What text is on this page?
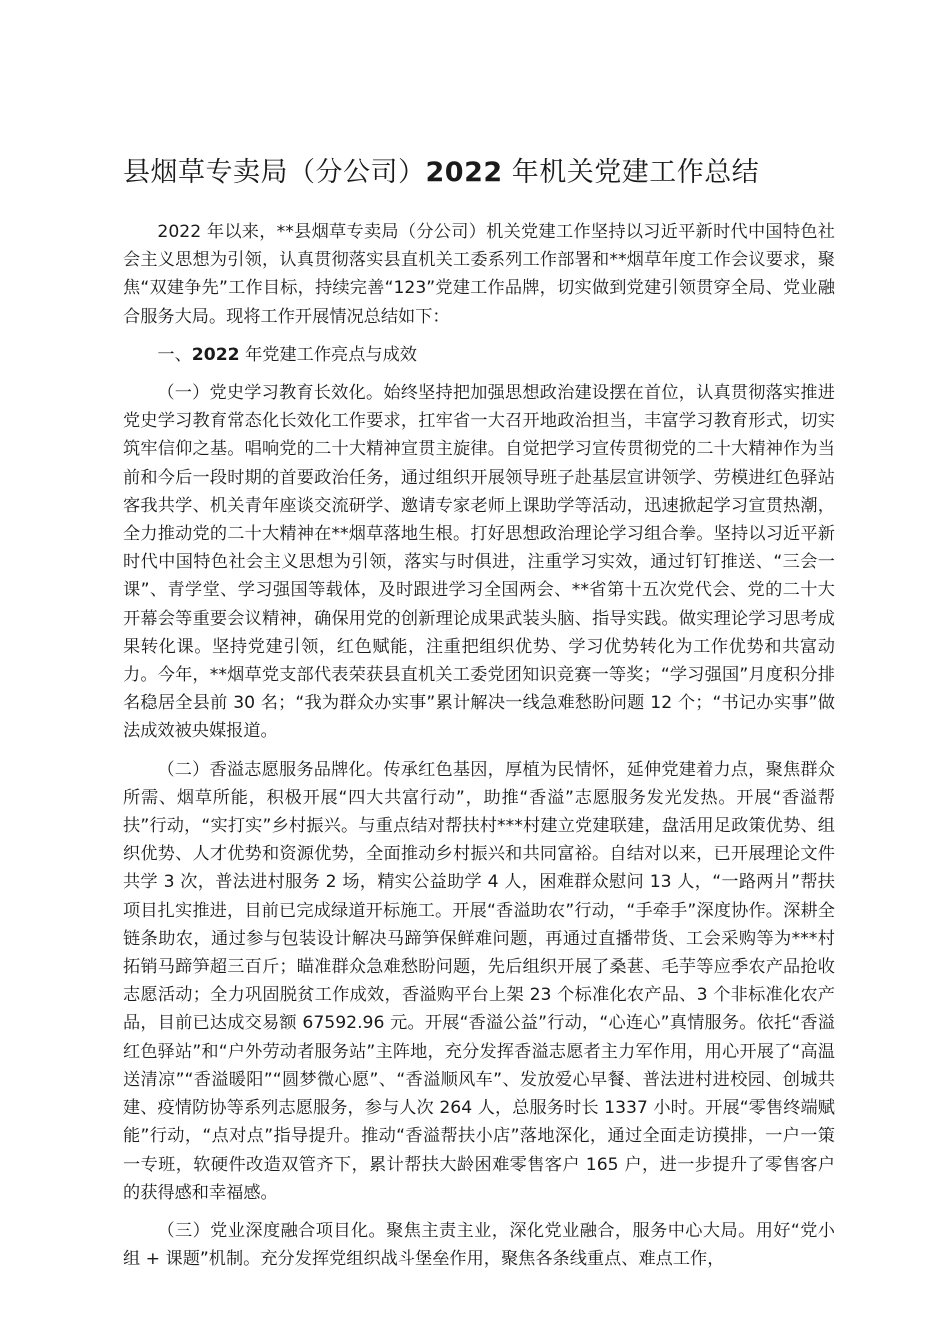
县烟草专卖局（分公司）2022 年机关党建工作总结

2022 年以来，**县烟草专卖局（分公司）机关党建工作坚持以习近平新时代中国特色社会主义思想为引领，认真贯彻落实县直机关工委系列工作部署和**烟草年度工作会议要求，聚焦“双建争先”工作目标，持续完善“123”党建工作品牌，切实做到党建引领贯穿全局、党业融合服务大局。现将工作开展情况总结如下：

一、2022 年党建工作亮点与成效

（一）党史学习教育长效化。始终坚持把加强思想政治建设摆在首位，认真贯彻落实推进党史学习教育常态化长效化工作要求，扛牢省一大召开地政治担当，丰富学习教育形式，切实筑牢信仰之基。唱响党的二十大精神宣贯主旋律。自觉把学习宣传贯彻党的二十大精神作为当前和今后一段时期的首要政治任务，通过组织开展领导班子赴基层宣讲领学、劳模进红色驿站客我共学、机关青年座谈交流研学、邀请专家老师上课助学等活动，迅速掀起学习宣贯热潮，全力推动党的二十大精神在**烟草落地生根。打好思想政治理论学习组合拳。坚持以习近平新时代中国特色社会主义思想为引领，落实与时俱进，注重学习实效，通过钉钉推送、“三会一课”、青学堂、学习强国等载体，及时跟进学习全国两会、**省第十五次党代会、党的二十大开幕会等重要会议精神，确保用党的创新理论成果武装头脑、指导实践。做实理论学习思考成果转化课。坚持党建引领，红色赋能，注重把组织优势、学习优势转化为工作优势和共富动力。今年，**烟草党支部代表荣获县直机关工委党团知识竞赛一等奖；“学习强国”月度积分排名稳居全县前 30 名；“我为群众办实事”累计解决一线急难愁盼问题 12 个；“书记办实事”做法成效被央媒报道。

（二）香溢志愿服务品牌化。传承红色基因，厚植为民情怀，延伸党建着力点，聚焦群众所需、烟草所能，积极开展“四大共富行动”，助推“香溢”志愿服务发光发热。开展“香溢帮扶”行动，“实打实”乡村振兴。与重点结对帮扶村***村建立党建联建，盘活用足政策优势、组织优势、人才优势和资源优势，全面推动乡村振兴和共同富裕。自结对以来，已开展理论文件共学 3 次，普法进村服务 2 场，精实公益助学 4 人，困难群众慰问 13 人，“一路两爿”帮扶项目扎实推进，目前已完成绿道开标施工。开展“香溢助农”行动，“手牵手”深度协作。深耕全链条助农，通过参与包装设计解决马蹄笋保鲜难问题，再通过直播带货、工会采购等为***村拓销马蹄笋超三百斤；瞄准群众急难愁盼问题，先后组织开展了桑葚、毛芋等应季农产品抢收志愿活动；全力巩固脱贫工作成效，香溢购平台上架 23 个标准化农产品、3 个非标准化农产品，目前已达成交易额 67592.96 元。开展“香溢公益”行动，“心连心”真情服务。依托“香溢红色驿站”和“户外劳动者服务站”主阵地，充分发挥香溢志愿者主力军作用，用心开展了“高温送清凉”“香溢暖阳”“圆梦微心愿”、“香溢顺风车”、发放爱心早餐、普法进村进校园、创城共建、疫情防协等系列志愿服务，参与人次 264 人，总服务时长 1337 小时。开展“零售终端赋能”行动，“点对点”指导提升。推动“香溢帮扶小店”落地深化，通过全面走访摸排，一户一策一专班，软硬件改造双管齐下，累计帮扶大龄困难零售客户 165 户，进一步提升了零售客户的获得感和幸福感。

（三）党业深度融合项目化。聚焦主责主业，深化党业融合，服务中心大局。用好“党小组 + 课题”机制。充分发挥党组织战斗堡垒作用，聚焦各条线重点、难点工作，
